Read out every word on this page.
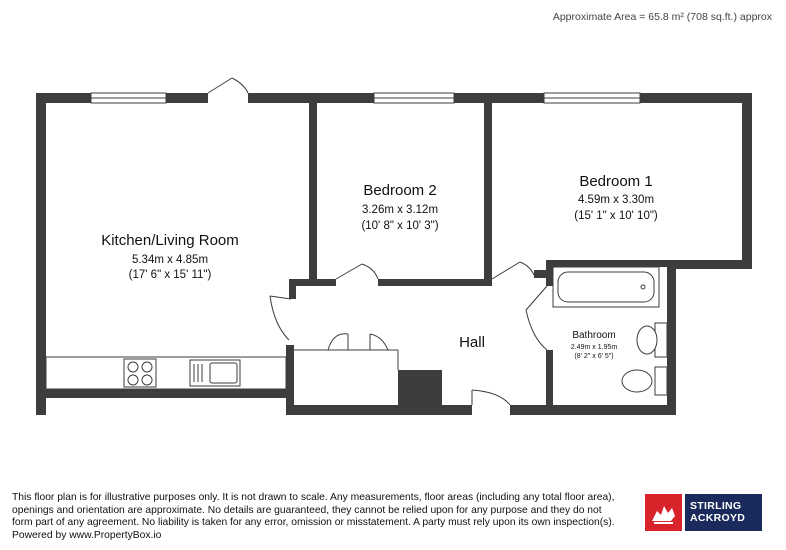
Approximate Area = 65.8 m² (708 sq.ft.) approx
Kitchen/Living Room
5.34m x 4.85m
(17' 6" x 15' 11")
Bedroom 2
3.26m x 3.12m
(10' 8" x 10' 3")
Bedroom 1
4.59m x 3.30m
(15' 1" x 10' 10")
Hall	Bathroom
2.49m x 1.95m
(8' 2" x 6' 5")
This floor plan is for illustrative purposes only. It is not drawn to scale. Any measurements, floor areas (including any total floor area),
openings and orientation are approximate. No details are guaranteed, they cannot be relied upon for any purpose and they do not
form part of any agreement. No liability is taken for any error, omission or misstatement. A party must rely upon its own inspection(s).
Powered by www.PropertyBox.io
STIRLING
ACKROYD
